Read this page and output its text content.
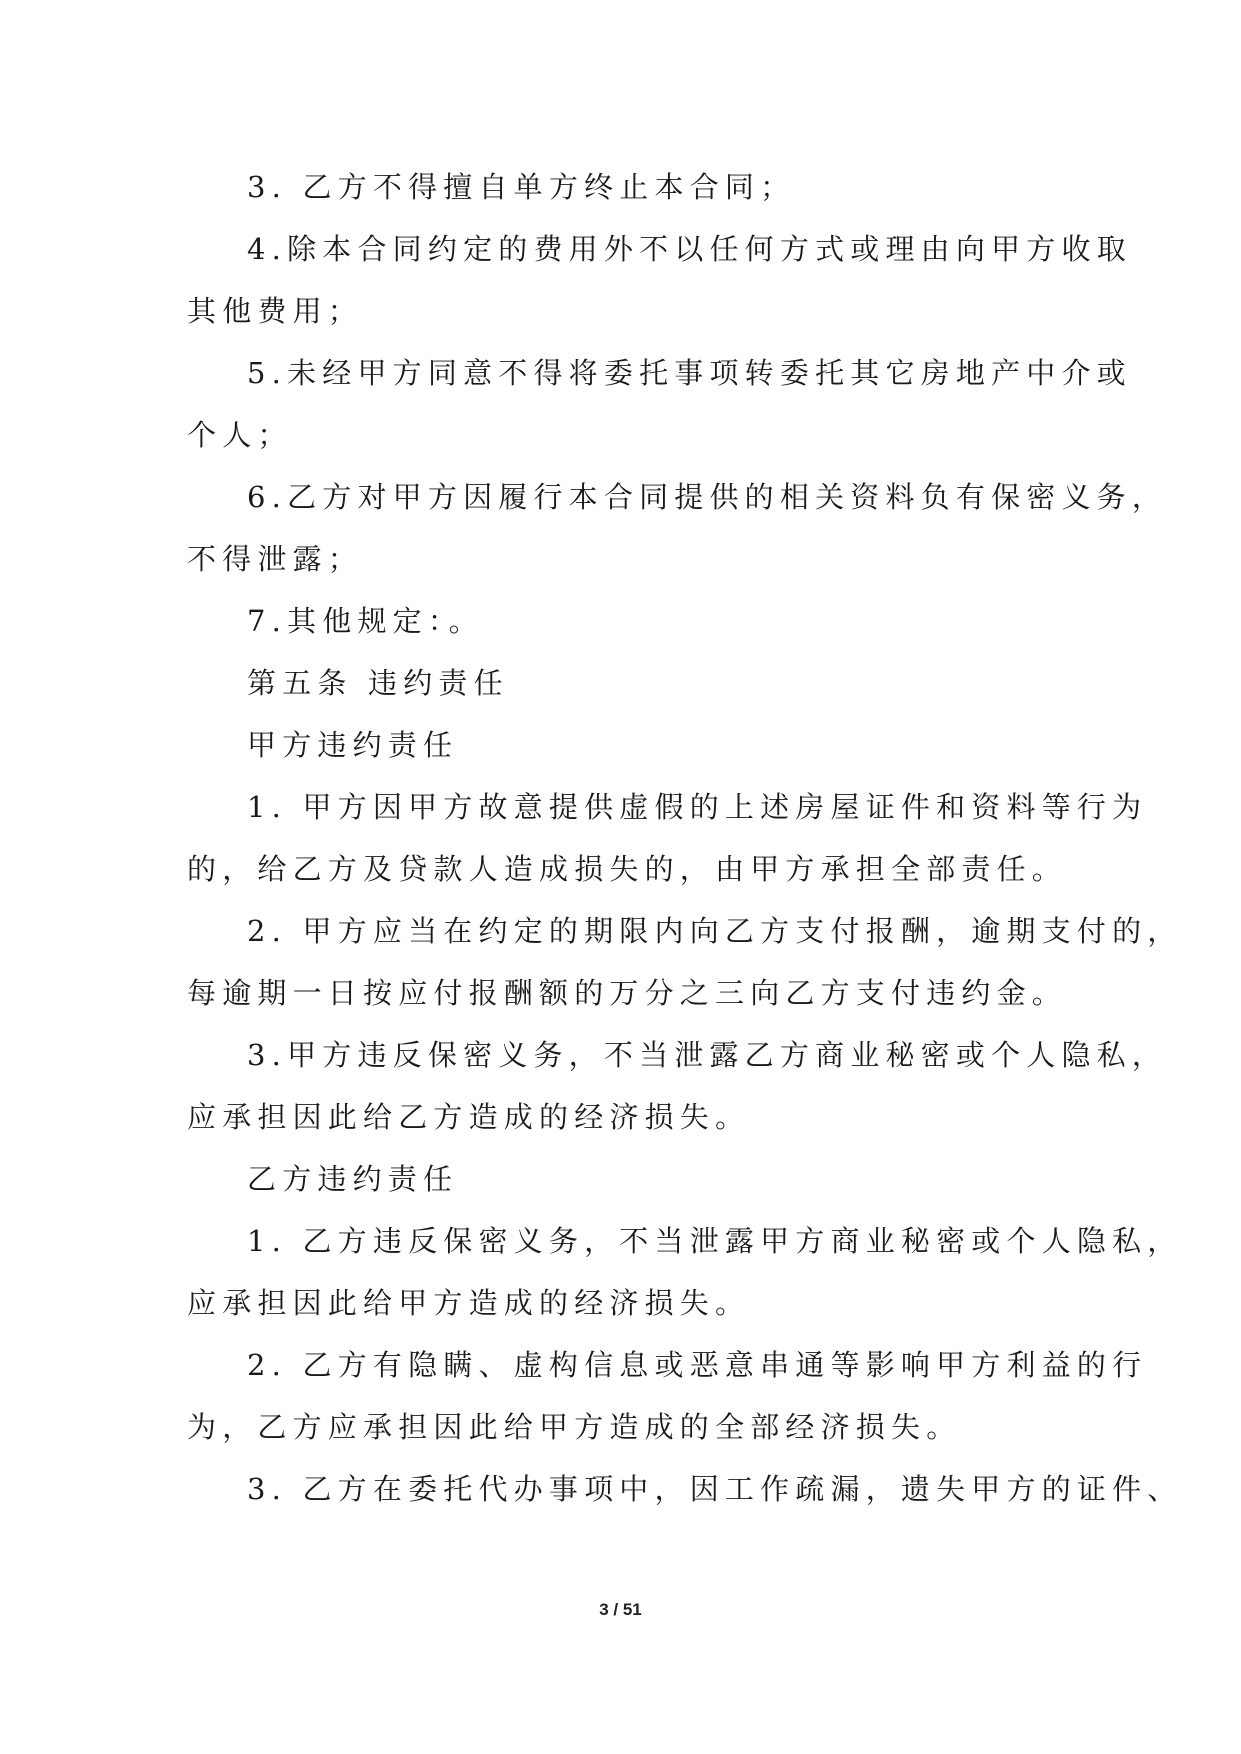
3. 乙方不得擅自单方终止本合同；

4.除本合同约定的费用外不以任何方式或理由向甲方收取

其他费用；

5.未经甲方同意不得将委托事项转委托其它房地产中介或

个人；

6.乙方对甲方因履行本合同提供的相关资料负有保密义务，

不得泄露；

7.其他规定：。

第五条 违约责任

甲方违约责任

1. 甲方因甲方故意提供虚假的上述房屋证件和资料等行为

的，给乙方及贷款人造成损失的，由甲方承担全部责任。

2. 甲方应当在约定的期限内向乙方支付报酬，逾期支付的，

每逾期一日按应付报酬额的万分之三向乙方支付违约金。

3.甲方违反保密义务，不当泄露乙方商业秘密或个人隐私，

应承担因此给乙方造成的经济损失。

乙方违约责任

1. 乙方违反保密义务，不当泄露甲方商业秘密或个人隐私，

应承担因此给甲方造成的经济损失。

2. 乙方有隐瞒、虚构信息或恶意串通等影响甲方利益的行

为，乙方应承担因此给甲方造成的全部经济损失。

3. 乙方在委托代办事项中，因工作疏漏，遗失甲方的证件、

3 / 51
